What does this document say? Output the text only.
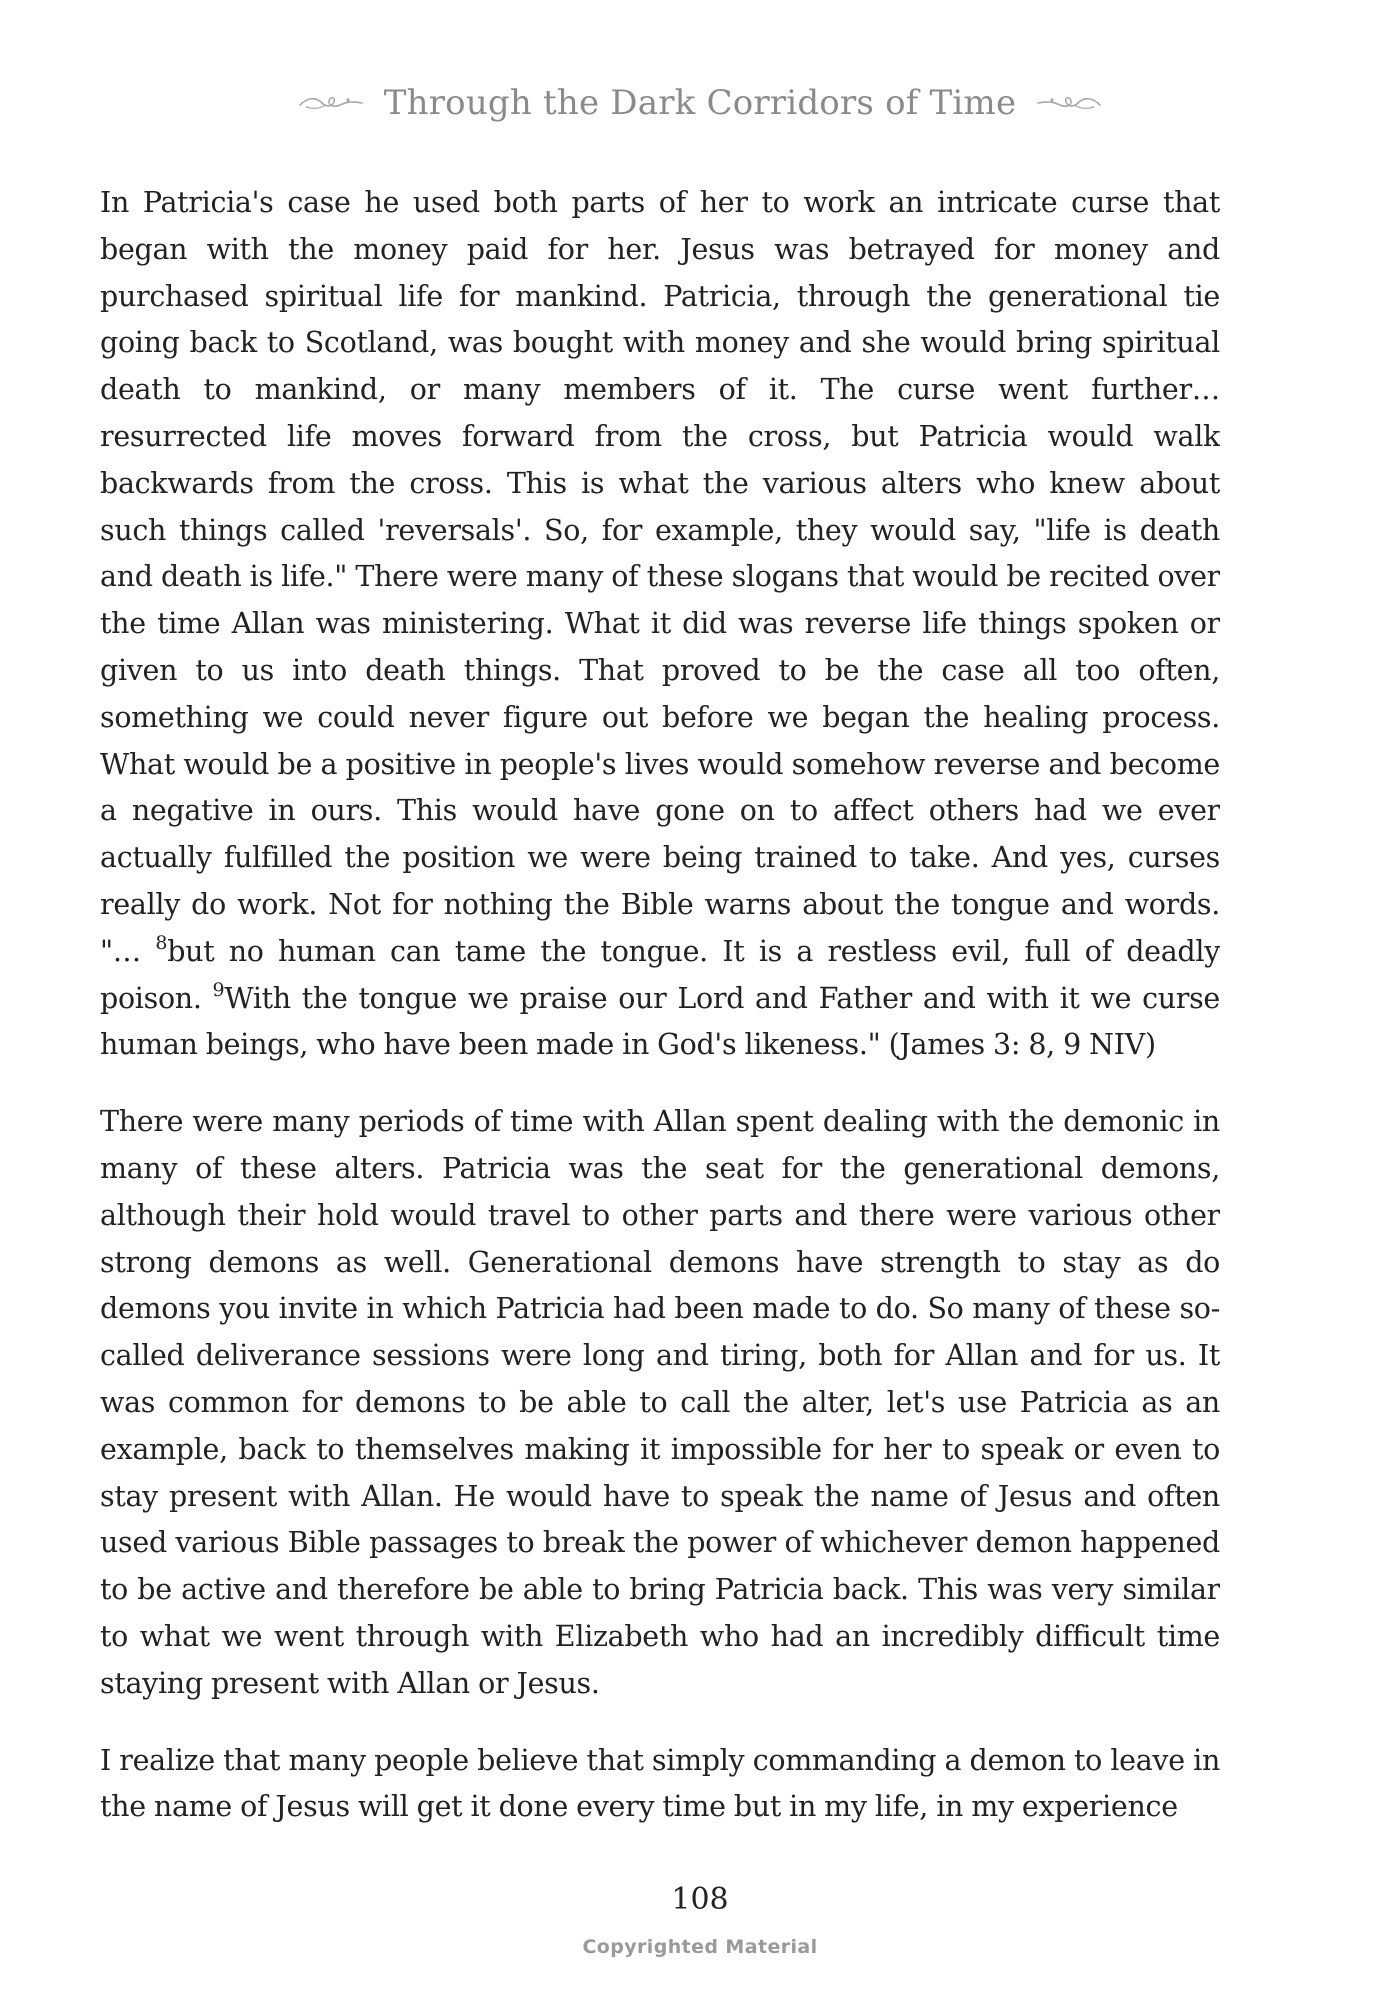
Through the Dark Corridors of Time

In Patricia's case he used both parts of her to work an intricate curse that began with the money paid for her. Jesus was betrayed for money and purchased spiritual life for mankind. Patricia, through the generational tie going back to Scotland, was bought with money and she would bring spiritual death to mankind, or many members of it. The curse went further… resurrected life moves forward from the cross, but Patricia would walk backwards from the cross. This is what the various alters who knew about such things called 'reversals'. So, for example, they would say, "life is death and death is life." There were many of these slogans that would be recited over the time Allan was ministering. What it did was reverse life things spoken or given to us into death things. That proved to be the case all too often, something we could never figure out before we began the healing process. What would be a positive in people's lives would somehow reverse and become a negative in ours. This would have gone on to affect others had we ever actually fulfilled the position we were being trained to take. And yes, curses really do work. Not for nothing the Bible warns about the tongue and words. "… $^8$but no human can tame the tongue. It is a restless evil, full of deadly poison. $^9$With the tongue we praise our Lord and Father and with it we curse human beings, who have been made in God's likeness." (James 3: 8, 9 NIV)

There were many periods of time with Allan spent dealing with the demonic in many of these alters. Patricia was the seat for the generational demons, although their hold would travel to other parts and there were various other strong demons as well. Generational demons have strength to stay as do demons you invite in which Patricia had been made to do. So many of these so-called deliverance sessions were long and tiring, both for Allan and for us. It was common for demons to be able to call the alter, let's use Patricia as an example, back to themselves making it impossible for her to speak or even to stay present with Allan. He would have to speak the name of Jesus and often used various Bible passages to break the power of whichever demon happened to be active and therefore be able to bring Patricia back. This was very similar to what we went through with Elizabeth who had an incredibly difficult time staying present with Allan or Jesus.

I realize that many people believe that simply commanding a demon to leave in the name of Jesus will get it done every time but in my life, in my experience

108
Copyrighted Material
